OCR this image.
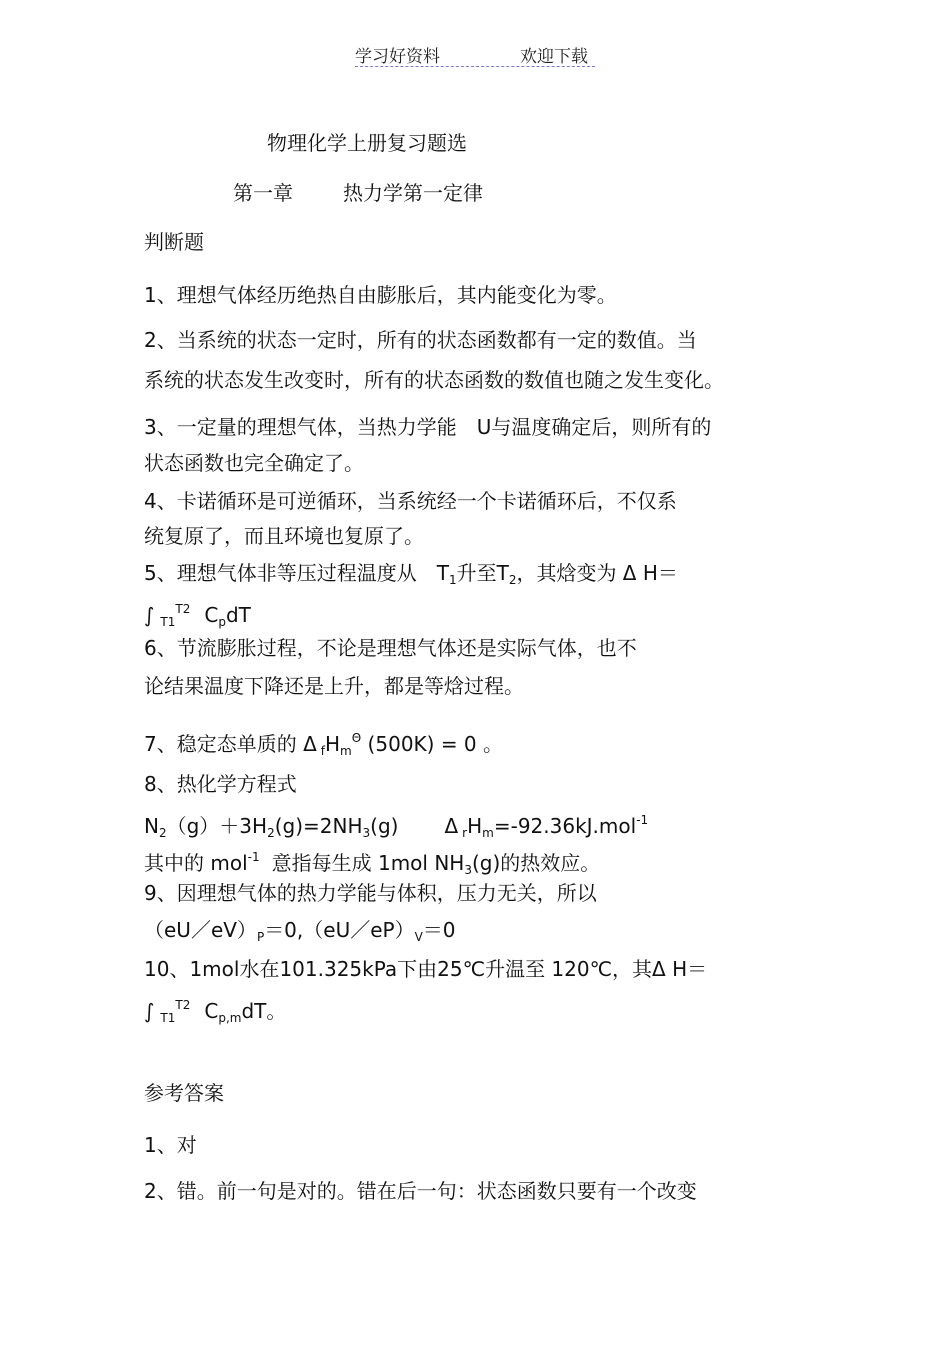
学习好资料	欢迎下载
物理化学上册复习题选
第一章	热力学第一定律
判断题
1、理想气体经历绝热自由膨胀后，其内能变化为零。
2、当系统的状态一定时，所有的状态函数都有一定的数值。当
系统的状态发生改变时，所有的状态函数的数值也随之发生变化。
3、一定量的理想气体，当热力学能　U与温度确定后，则所有的
状态函数也完全确定了。
4、卡诺循环是可逆循环，当系统经一个卡诺循环后，不仅系
统复原了，而且环境也复原了。
5、理想气体非等压过程温度从　$T_1$升至$T_2$，其焓变为 Δ H＝
∫ $_{T1}^{T2}$ $C_pdT$
6、节流膨胀过程，不论是理想气体还是实际气体，也不
论结果温度下降还是上升，都是等焓过程。
7、稳定态单质的 Δ $_fH_m^\Theta$ (500K) = 0 。
8、热化学方程式
$N_2(g)+3H_2(g)=2NH_3(g)$ Δ $_rH_m=-92.36kJ.mol^{-1}$
其中的 mol$^{-1}$ 意指每生成 1mol $NH_3(g)$的热效应。
9、因理想气体的热力学能与体积，压力无关，所以
$(eU/eV)_P=0,(eU/eP)_V=0$
10、1mol水在101.325kPa下由25℃升温至 120℃，其Δ H＝
∫ $_{T1}^{T2}$ $C_{p,m}dT$。
参考答案
1、对
2、错。前一句是对的。错在后一句：状态函数只要有一个改变
